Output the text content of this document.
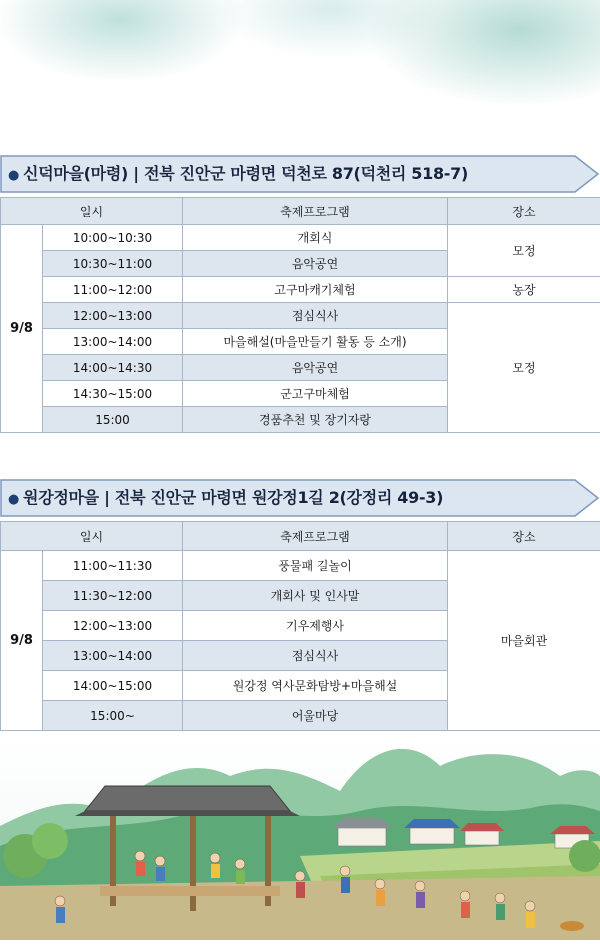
● 신덕마을(마령) | 전북 진안군 마령면 덕천로 87(덕천리 518-7)
일시		축제프로그램	장소
9/8	10:00~10:30	개회식	모정
	10:30~11:00	음악공연	
	11:00~12:00	고구마캐기체험	농장
	12:00~13:00	점심식사	모정
	13:00~14:00	마을해설(마을만들기 활동 등 소개)	
	14:00~14:30	음악공연	
	14:30~15:00	군고구마체험	
	15:00	경품추천 및 장기자랑	
● 원강정마을 | 전북 진안군 마령면 원강정1길 2(강정리 49-3)
일시		축제프로그램	장소
9/8	11:00~11:30	풍물패 길놀이	마을회관
	11:30~12:00	개회사 및 인사말	
	12:00~13:00	기우제행사	
	13:00~14:00	점심식사	
	14:00~15:00	원강정 역사문화탐방+마을해설	
	15:00~	어울마당	
